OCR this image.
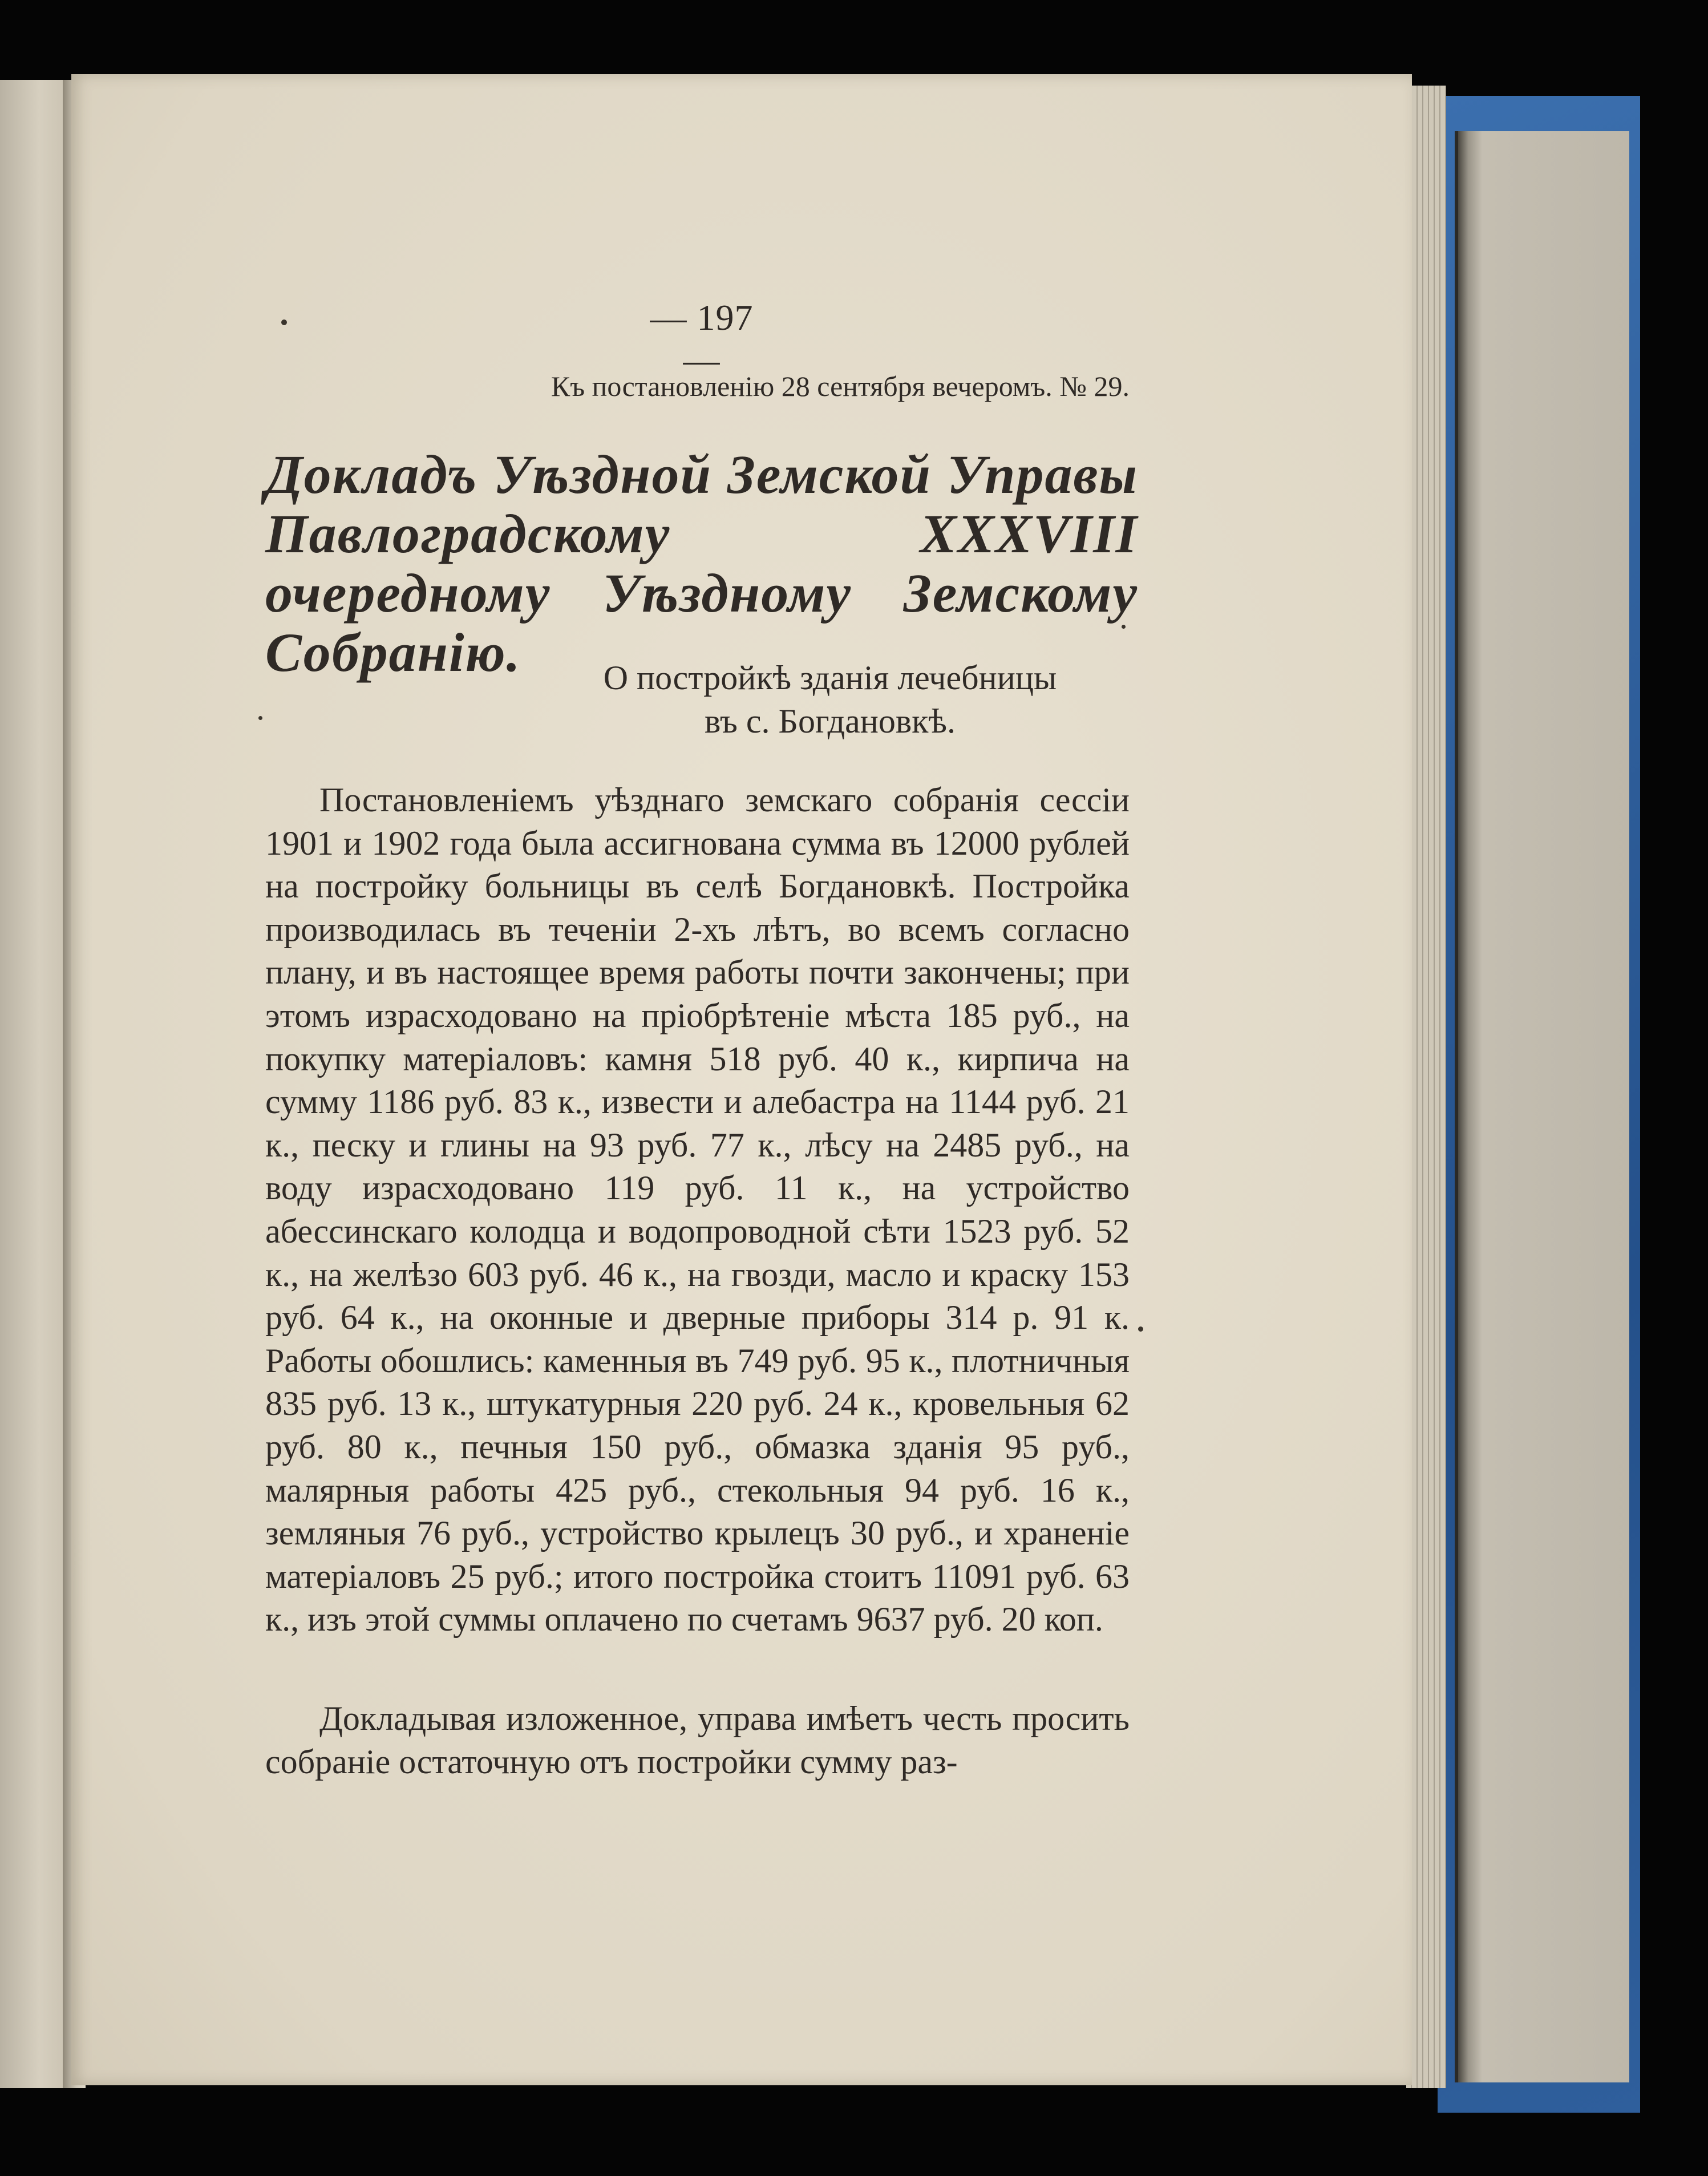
— 197 —
Къ постановленію 28 сентября вечеромъ. № 29.
Докладъ Уѣздной Земской Управы Павлоградскому XXXVIII очередному Уѣздному Земскому Собранію.	О постройкѣ зданія лечебницы
въ с. Богдановкѣ.
Постановленіемъ уѣзднаго земскаго собранія сессіи 1901 и 1902 года была ассигнована сумма въ 12000 рублей на постройку больницы въ селѣ Богдановкѣ. Постройка производилась въ теченіи 2-хъ лѣтъ, во всемъ согласно плану, и въ настоящее время работы почти закончены; при этомъ израсходовано на пріобрѣтеніе мѣста 185 руб., на покупку матеріаловъ: камня 518 руб. 40 к., кирпича на сумму 1186 руб. 83 к., извести и алебастра на 1144 руб. 21 к., песку и глины на 93 руб. 77 к., лѣсу на 2485 руб., на воду израсходовано 119 руб. 11 к., на устройство абессинскаго колодца и водопроводной сѣти 1523 руб. 52 к., на желѣзо 603 руб. 46 к., на гвозди, масло и краску 153 руб. 64 к., на оконные и дверные приборы 314 р. 91 к. Работы обошлись: каменныя въ 749 руб. 95 к., плотничныя 835 руб. 13 к., штукатурныя 220 руб. 24 к., кровельныя 62 руб. 80 к., печныя 150 руб., обмазка зданія 95 руб., малярныя работы 425 руб., стекольныя 94 руб. 16 к., земляныя 76 руб., устройство крылецъ 30 руб., и храненіе матеріаловъ 25 руб.; итого постройка стоитъ 11091 руб. 63 к., изъ этой суммы оплачено по счетамъ 9637 руб. 20 коп.
Докладывая изложенное, управа имѣетъ честь просить собраніе остаточную отъ постройки сумму раз-
